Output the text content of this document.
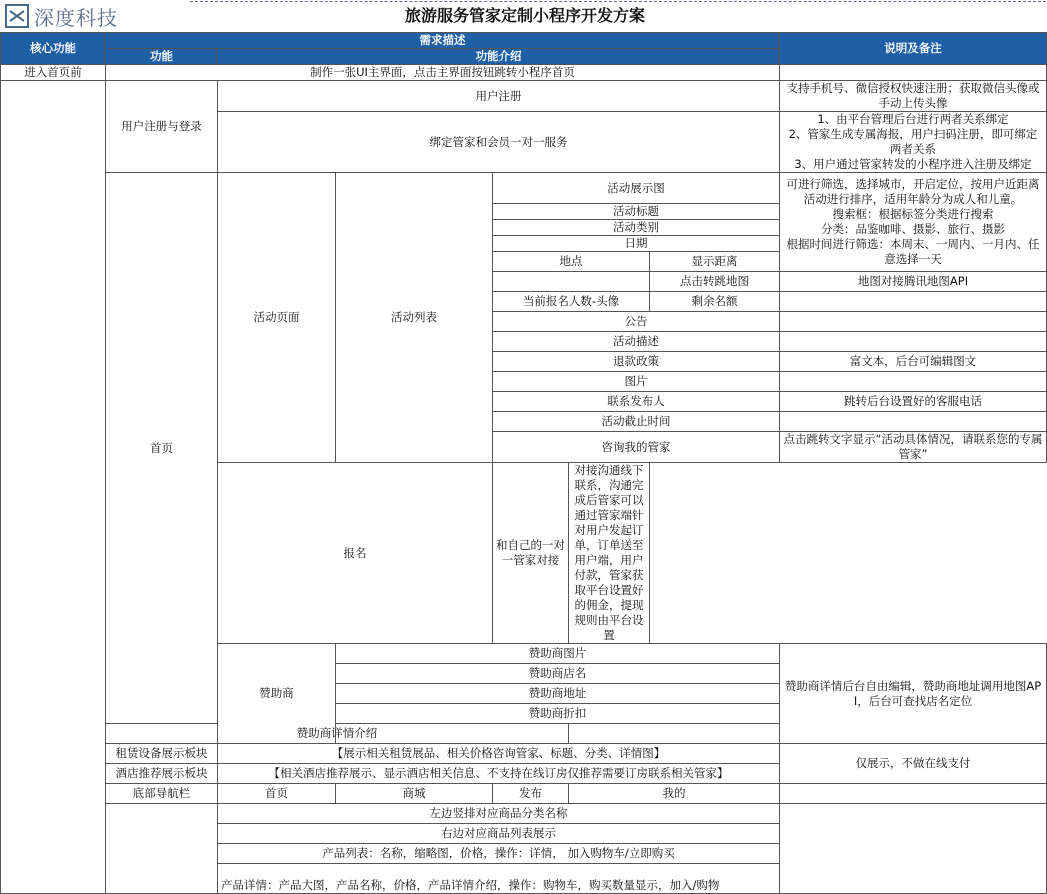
深度科技	旅游服务管家定制小程序开发方案
核心功能	需求描述						说明及备注
	功能	功能介绍					
进入首页前	制作一张UI主界面，点击主界面按钮跳转小程序首页						
	用户注册与登录	用户注册					支持手机号、微信授权快速注册；获取微信头像或手动上传头像
		绑定管家和会员一对一服务					1、由平台管理后台进行两者关系绑定
2、管家生成专属海报，用户扫码注册，即可绑定两者关系
3、用户通过管家转发的小程序进入注册及绑定
	首页	活动页面	活动列表	活动展示图			可进行筛选，选择城市，开启定位，按用户近距离活动进行排序，适用年龄分为成人和儿童。
搜索框：根据标签分类进行搜索
分类：品鉴咖啡、摄影、旅行、摄影
根据时间进行筛选：本周末、一周内、一月内、任意选择一天
				活动标题			
				活动类别			
				日期			
				地点		显示距离	
						点击转跳地图	地图对接腾讯地图API
				当前报名人数-头像		剩余名额	
				公告			
				活动描述			
				退款政策			富文本，后台可编辑图文
				图片			
				联系发布人			跳转后台设置好的客服电话
				活动截止时间			
				咨询我的管家			点击跳转文字显示“活动具体情况，请联系您的专属管家”
		报名		和自己的一对一管家对接	对接沟通线下联系，沟通完成后管家可以通过管家端针对用户发起订单，订单送至用户端，用户付款，管家获取平台设置好的佣金，提现规则由平台设置		
		赞助商	赞助商图片				赞助商详情后台自由编辑，赞助商地址调用地图API，后台可查找店名定位
			赞助商店名				
			赞助商地址				
			赞助商折扣				
	赞助商详情介绍						
	租赁设备展示板块	【展示相关租赁展品、相关价格咨询管家、标题、分类、详情图】					仅展示，不做在线支付
	酒店推荐展示板块	【相关酒店推荐展示、显示酒店相关信息、不支持在线订房仅推荐需要订房联系相关管家】					
	底部导航栏	首页	商城	发布	我的		
		左边竖排对应商品分类名称					
		右边对应商品列表展示					
		产品列表：名称，缩略图，价格，操作：详情， 加入购物车/立即购买					
		产品详情：产品大图，产品名称，价格，产品详情介绍，操作：购物车，购买数量显示，加入/购物					
